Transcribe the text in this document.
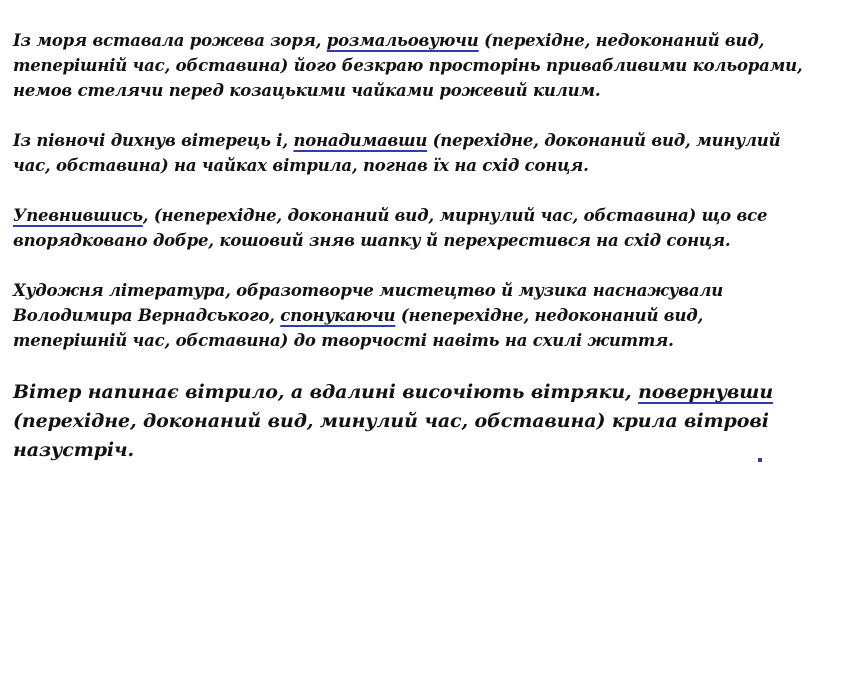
Із моря вставала рожева зоря, розмальовуючи (перехідне, недоконаний вид, теперішній час, обставина) його безкраю просторінь привабливими кольорами, немов стелячи перед козацькими чайками рожевий килим.

Із півночі дихнув вітерець і, понадимавши (перехідне, доконаний вид, минулий час, обставина) на чайках вітрила, погнав їх на схід сонця.

Упевнившись, (неперехідне, доконаний вид, мирнулий час, обставина) що все впорядковано добре, кошовий зняв шапку й перехрестився на схід сонця.

Художня література, образотворче мистецтво й музика наснажували Володимира Вернадського, спонукаючи (неперехідне, недоконаний вид, теперішній час, обставина) до творчості навіть на схилі життя.

Вітер напинає вітрило, а вдалині височіють вітряки, повернувши (перехідне, доконаний вид, минулий час, обставина) крила вітрові назустріч.
